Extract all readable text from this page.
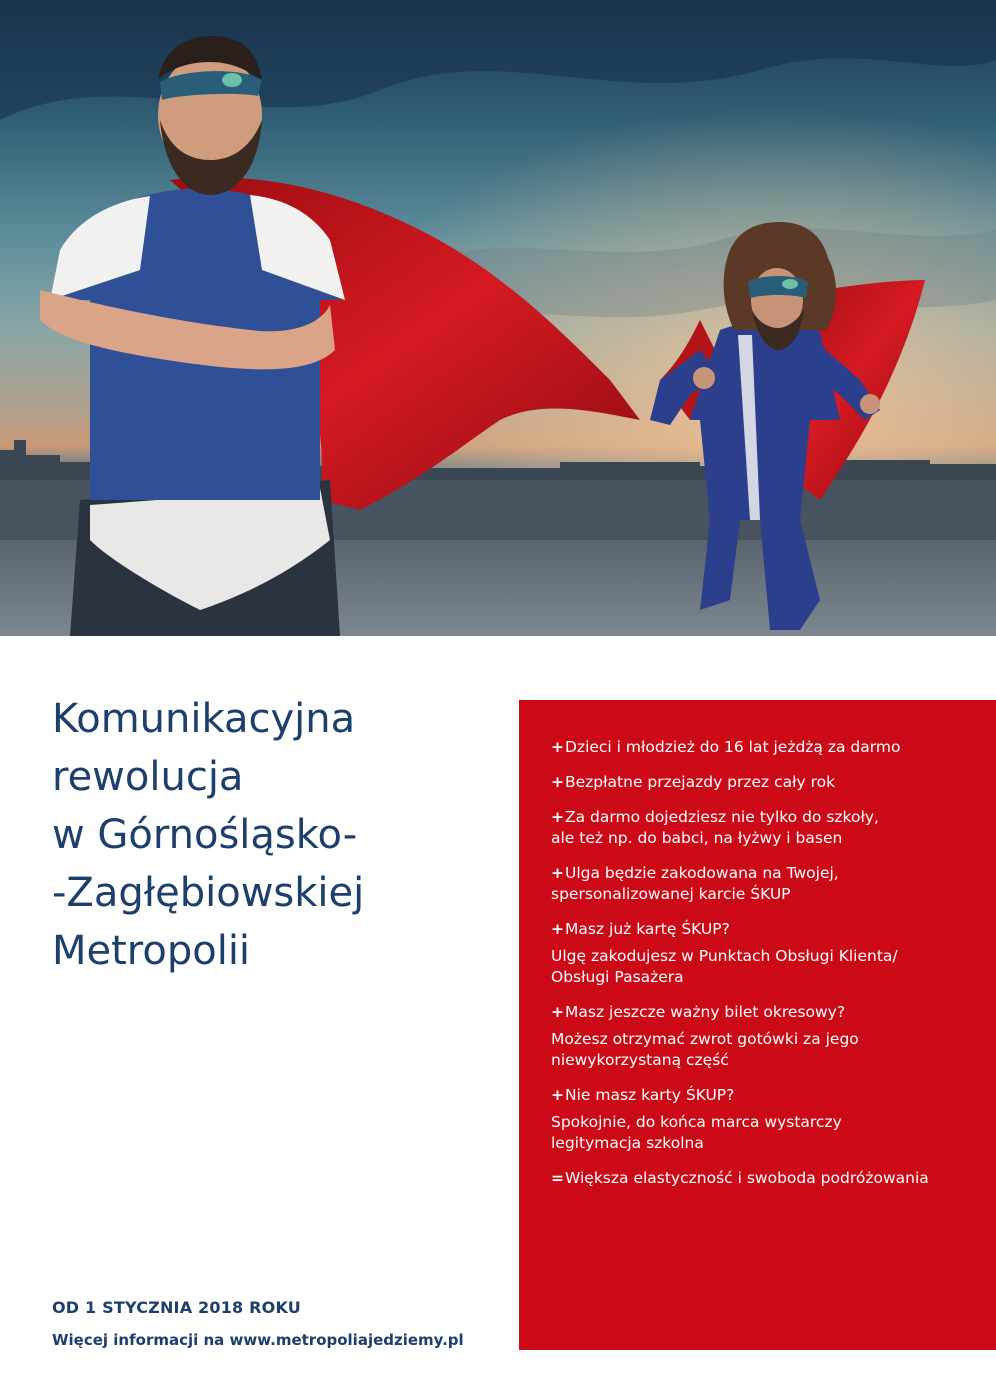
Komunikacyjna
rewolucja
w Górnośląsko-
-Zagłębiowskiej
Metropolii
OD 1 STYCZNIA 2018 ROKU
Więcej informacji na www.metropoliajedziemy.pl

+Dzieci i młodzież do 16 lat jeżdżą za darmo

+Bezpłatne przejazdy przez cały rok

+Za darmo dojedziesz nie tylko do szkoły,

ale też np. do babci, na łyżwy i basen

+Ulga będzie zakodowana na Twojej,

spersonalizowanej karcie ŚKUP

+Masz już kartę ŚKUP?

Ulgę zakodujesz w Punktach Obsługi Klienta/

Obsługi Pasażera

+Masz jeszcze ważny bilet okresowy?

Możesz otrzymać zwrot gotówki za jego

niewykorzystaną część

+Nie masz karty ŚKUP?

Spokojnie, do końca marca wystarczy

legitymacja szkolna

=Większa elastyczność i swoboda podróżowania
